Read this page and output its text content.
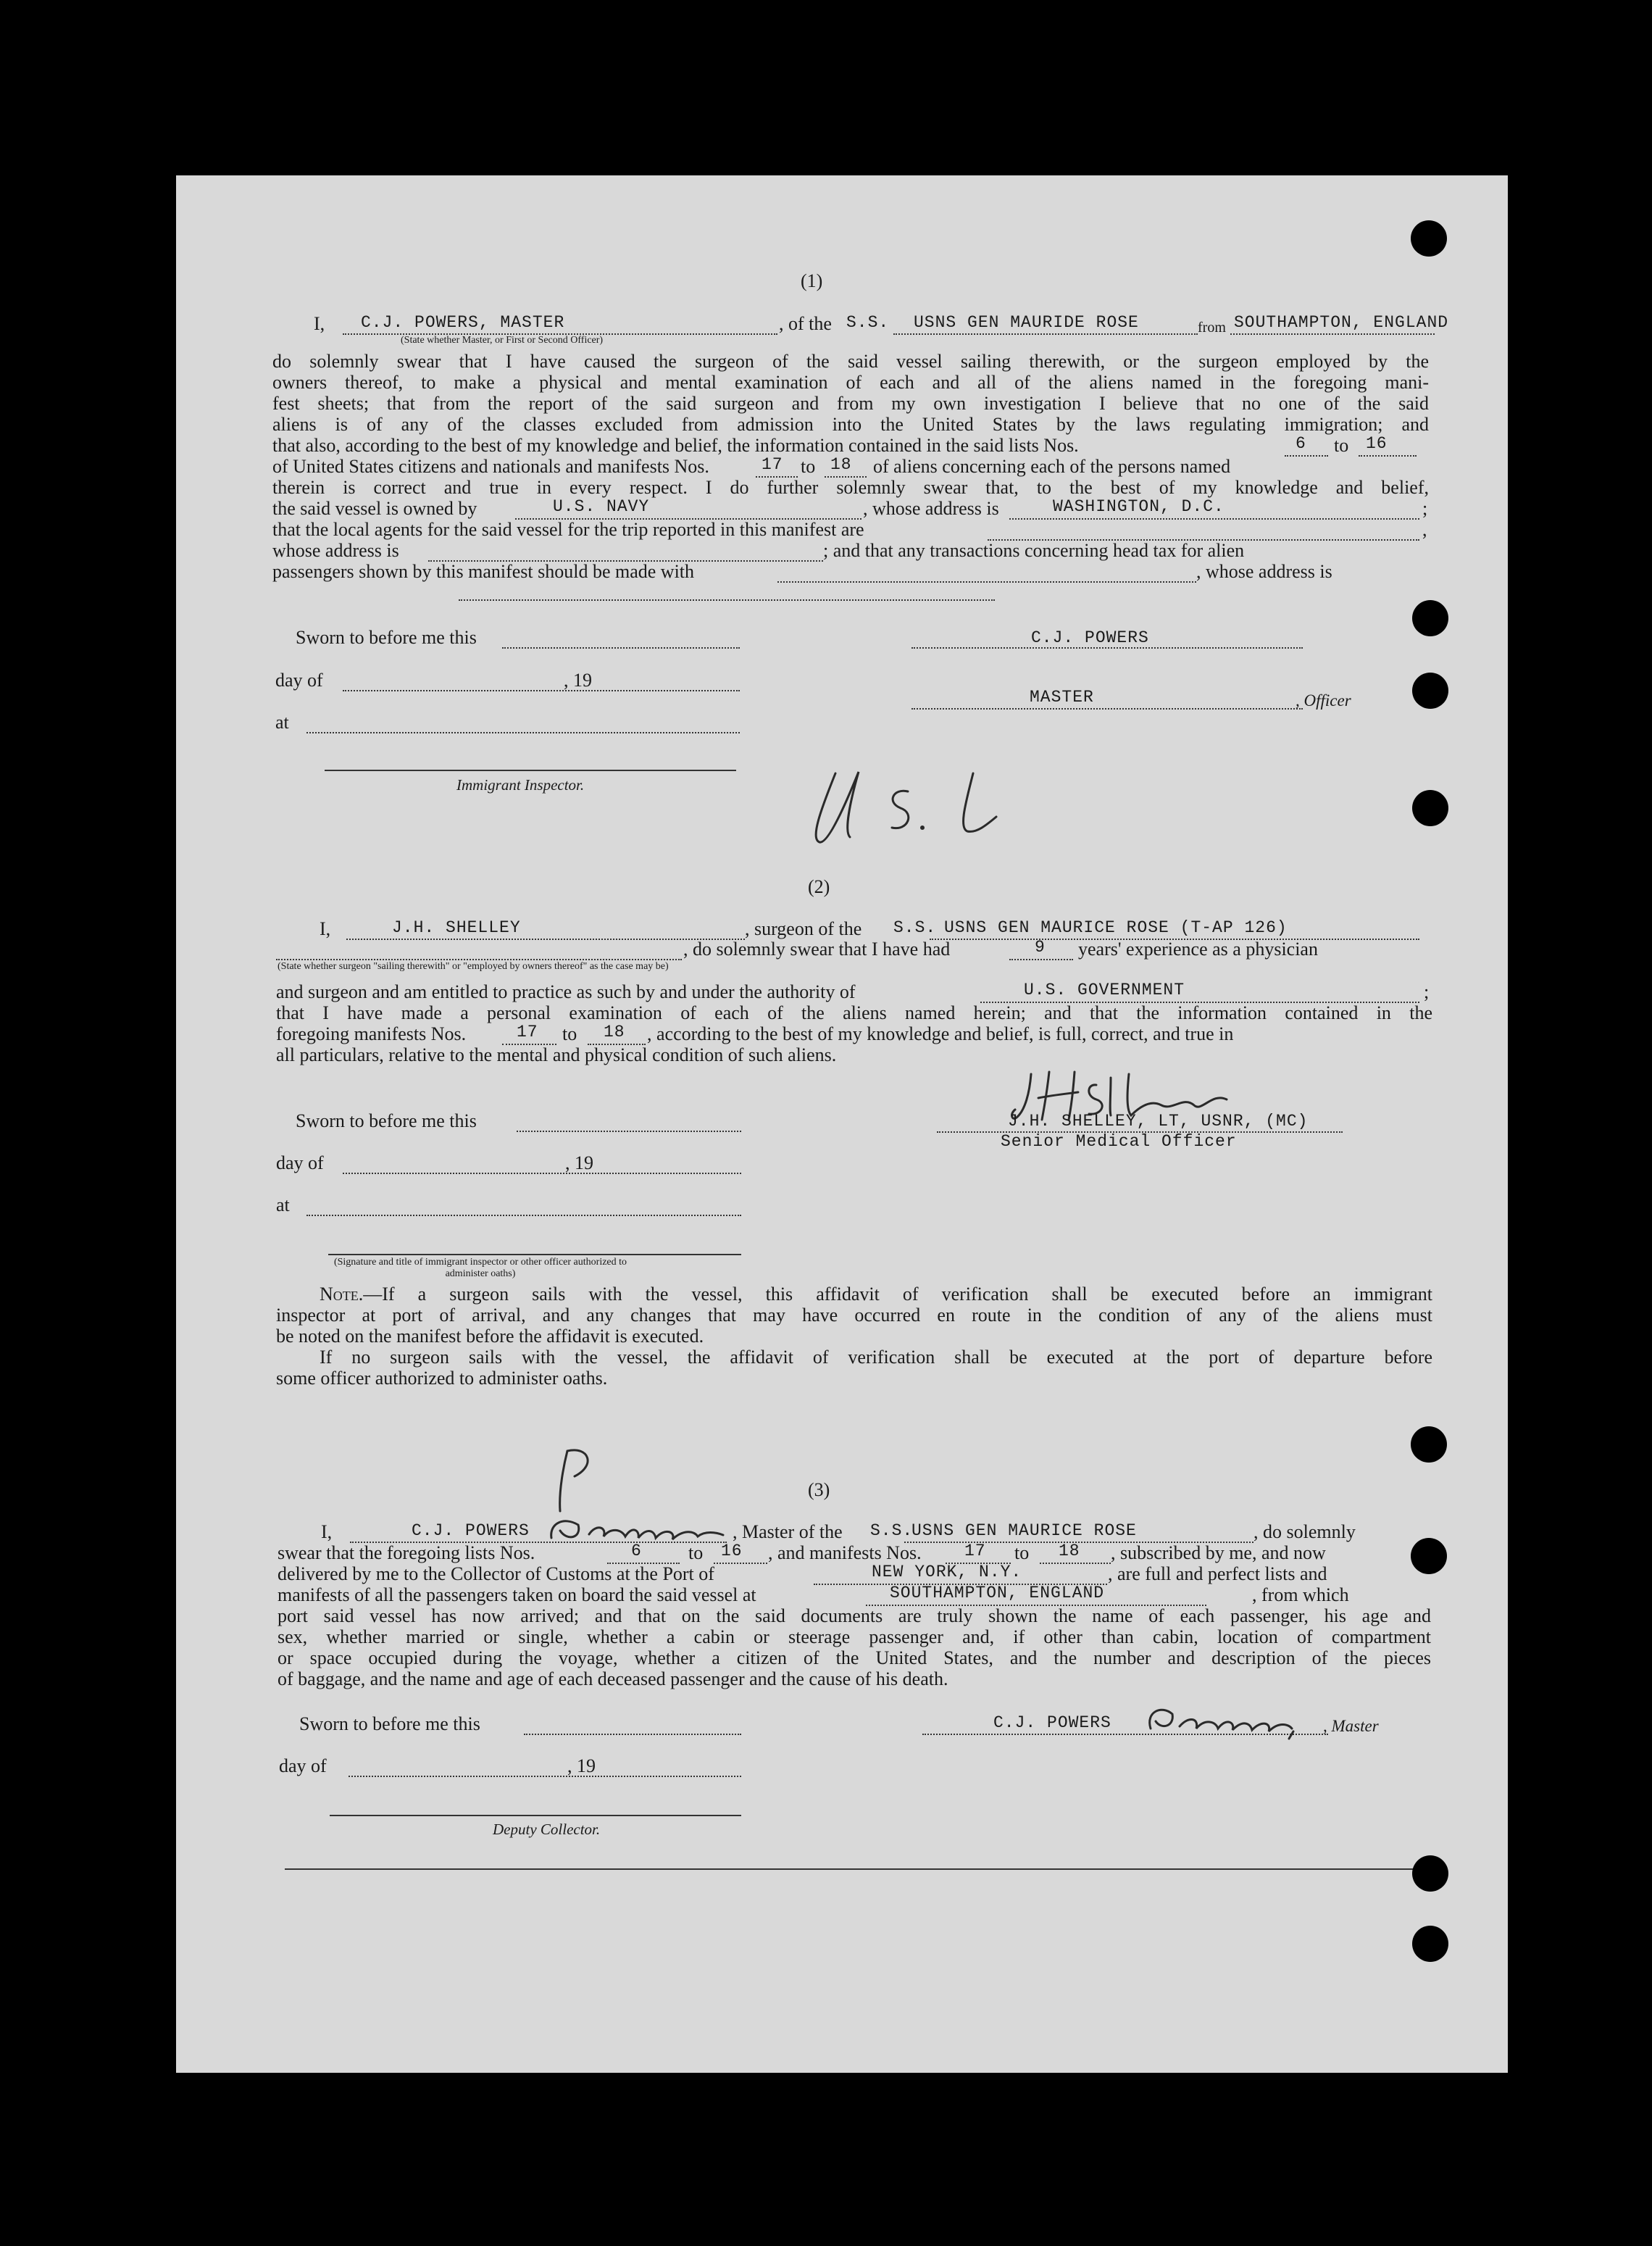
(1)
I, C.J. POWERS, MASTER	, of the S.S. USNS GEN MAURIDE ROSE	from SOUTHAMPTON, ENGLAND
(State whether Master, or First or Second Officer)

do solemnly swear that I have caused the surgeon of the said vessel sailing therewith, or the surgeon employed by the

owners thereof, to make a physical and mental examination of each and all of the aliens named in the foregoing mani-

fest sheets; that from the report of the said surgeon and from my own investigation I believe that no one of the said

aliens is of any of the classes excluded from admission into the United States by the laws regulating immigration; and

that also, according to the best of my knowledge and belief, the information contained in the said lists Nos.	6 to 16
of United States citizens and nationals and manifests Nos.	17 to 18 of aliens concerning each of the persons named

therein is correct and true in every respect. I do further solemnly swear that, to the best of my knowledge and belief,

the said vessel is owned by	U.S. NAVY	, whose address is	WASHINGTON, D.C.	;
that the local agents for the said vessel for the trip reported in this manifest are	,
whose address is	; and that any transactions concerning head tax for alien
passengers shown by this manifest should be made with	, whose address is
Sworn to before me this
day of	, 19
at
Immigrant Inspector.
C.J. POWERS
MASTER	, Officer
(2)
I,	J.H. SHELLEY	, surgeon of the S.S. USNS GEN MAURICE ROSE (T-AP 126)
, do solemnly swear that I have had	9 years' experience as a physician
(State whether surgeon "sailing therewith" or "employed by owners thereof" as the case may be)
and surgeon and am entitled to practice as such by and under the authority of	U.S. GOVERNMENT	;

that I have made a personal examination of each of the aliens named herein; and that the information contained in the

foregoing manifests Nos.	17 to 18 , according to the best of my knowledge and belief, is full, correct, and true in
all particulars, relative to the mental and physical condition of such aliens.
Sworn to before me this
day of	, 19
at
(Signature and title of immigrant inspector or other officer authorized to administer oaths)
J.H. SHELLEY, LT, USNR, (MC)
Senior Medical Officer

Note.—If a surgeon sails with the vessel, this affidavit of verification shall be executed before an immigrant

inspector at port of arrival, and any changes that may have occurred en route in the condition of any of the aliens must

be noted on the manifest before the affidavit is executed.

If no surgeon sails with the vessel, the affidavit of verification shall be executed at the port of departure before

some officer authorized to administer oaths.

(3)
I,	C.J. POWERS	, Master of the S.S.
USNS GEN MAURICE ROSE	, do solemnly
swear that the foregoing lists Nos.	6 to 16 , and manifests Nos.	17 to 18 , subscribed by me, and now
delivered by me to the Collector of Customs at the Port of	NEW YORK, N.Y.	, are full and perfect lists and
manifests of all the passengers taken on board the said vessel at	SOUTHAMPTON, ENGLAND	, from which

port said vessel has now arrived; and that on the said documents are truly shown the name of each passenger, his age and

sex, whether married or single, whether a cabin or steerage passenger and, if other than cabin, location of compartment

or space occupied during the voyage, whether a citizen of the United States, and the number and description of the pieces

of baggage, and the name and age of each deceased passenger and the cause of his death.

Sworn to before me this
day of	, 19
Deputy Collector.
C.J. POWERS	, Master
